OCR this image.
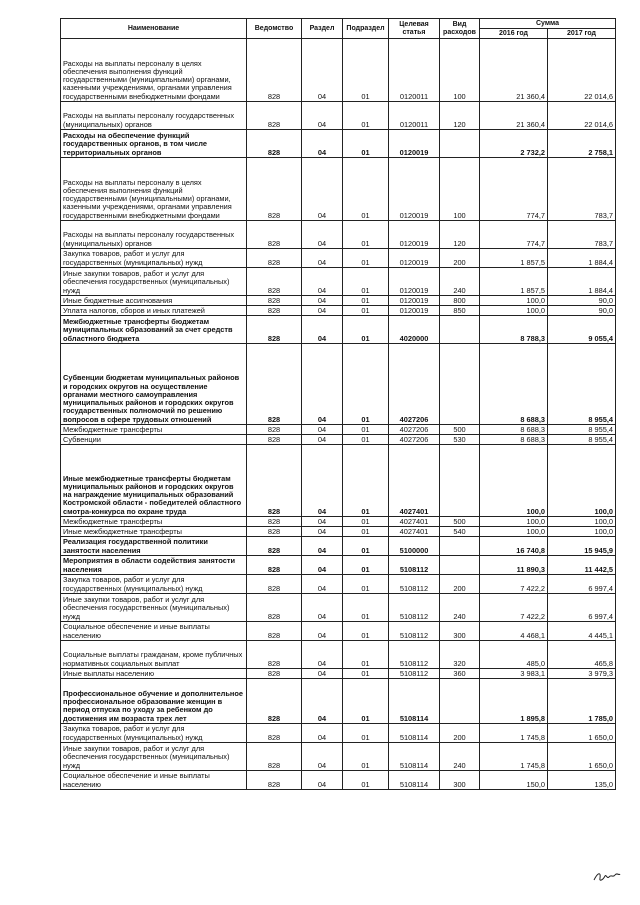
Наименование	Ведомство	Раздел	Подраздел	Целевая статья	Вид расходов	Сумма	
						2016 год	2017 год
Расходы на выплаты персоналу в целях обеспечения выполнения функций государственными (муниципальными) органами, казенными учреждениями, органами управления государственными внебюджетными фондами	828	04	01	0120011	100	21 360,4	22 014,6
Расходы на выплаты персоналу государственных (муниципальных) органов	828	04	01	0120011	120	21 360,4	22 014,6
Расходы на обеспечение функций государственных органов, в том числе территориальных органов	828	04	01	0120019		2 732,2	2 758,1
Расходы на выплаты персоналу в целях обеспечения выполнения функций государственными (муниципальными) органами, казенными учреждениями, органами управления государственными внебюджетными фондами	828	04	01	0120019	100	774,7	783,7
Расходы на выплаты персоналу государственных (муниципальных) органов	828	04	01	0120019	120	774,7	783,7
Закупка товаров, работ и услуг для государственных (муниципальных) нужд	828	04	01	0120019	200	1 857,5	1 884,4
Иные закупки товаров, работ и услуг для обеспечения государственных (муниципальных) нужд	828	04	01	0120019	240	1 857,5	1 884,4
Иные бюджетные ассигнования	828	04	01	0120019	800	100,0	90,0
Уплата налогов, сборов и иных платежей	828	04	01	0120019	850	100,0	90,0
Межбюджетные трансферты бюджетам муниципальных образований за счет средств областного бюджета	828	04	01	4020000		8 788,3	9 055,4
Субвенции бюджетам муниципальных районов и городских округов на осуществление органами местного самоуправления муниципальных районов и городских округов государственных полномочий по решению вопросов в сфере трудовых отношений	828	04	01	4027206		8 688,3	8 955,4
Межбюджетные трансферты	828	04	01	4027206	500	8 688,3	8 955,4
Субвенции	828	04	01	4027206	530	8 688,3	8 955,4
Иные межбюджетные трансферты бюджетам муниципальных районов и городских округов на награждение муниципальных образований Костромской области - победителей областного смотра-конкурса по охране труда	828	04	01	4027401		100,0	100,0
Межбюджетные трансферты	828	04	01	4027401	500	100,0	100,0
Иные межбюджетные трансферты	828	04	01	4027401	540	100,0	100,0
Реализация государственной политики занятости населения	828	04	01	5100000		16 740,8	15 945,9
Мероприятия в области содействия занятости населения	828	04	01	5108112		11 890,3	11 442,5
Закупка товаров, работ и услуг для государственных (муниципальных) нужд	828	04	01	5108112	200	7 422,2	6 997,4
Иные закупки товаров, работ и услуг для обеспечения государственных (муниципальных) нужд	828	04	01	5108112	240	7 422,2	6 997,4
Социальное обеспечение и иные выплаты населению	828	04	01	5108112	300	4 468,1	4 445,1
Социальные выплаты гражданам, кроме публичных нормативных социальных выплат	828	04	01	5108112	320	485,0	465,8
Иные выплаты населению	828	04	01	5108112	360	3 983,1	3 979,3
Профессиональное обучение и дополнительное профессиональное образование женщин в период отпуска по уходу за ребенком до достижения им возраста трех лет	828	04	01	5108114		1 895,8	1 785,0
Закупка товаров, работ и услуг для государственных (муниципальных) нужд	828	04	01	5108114	200	1 745,8	1 650,0
Иные закупки товаров, работ и услуг для обеспечения государственных (муниципальных) нужд	828	04	01	5108114	240	1 745,8	1 650,0
Социальное обеспечение и иные выплаты населению	828	04	01	5108114	300	150,0	135,0
